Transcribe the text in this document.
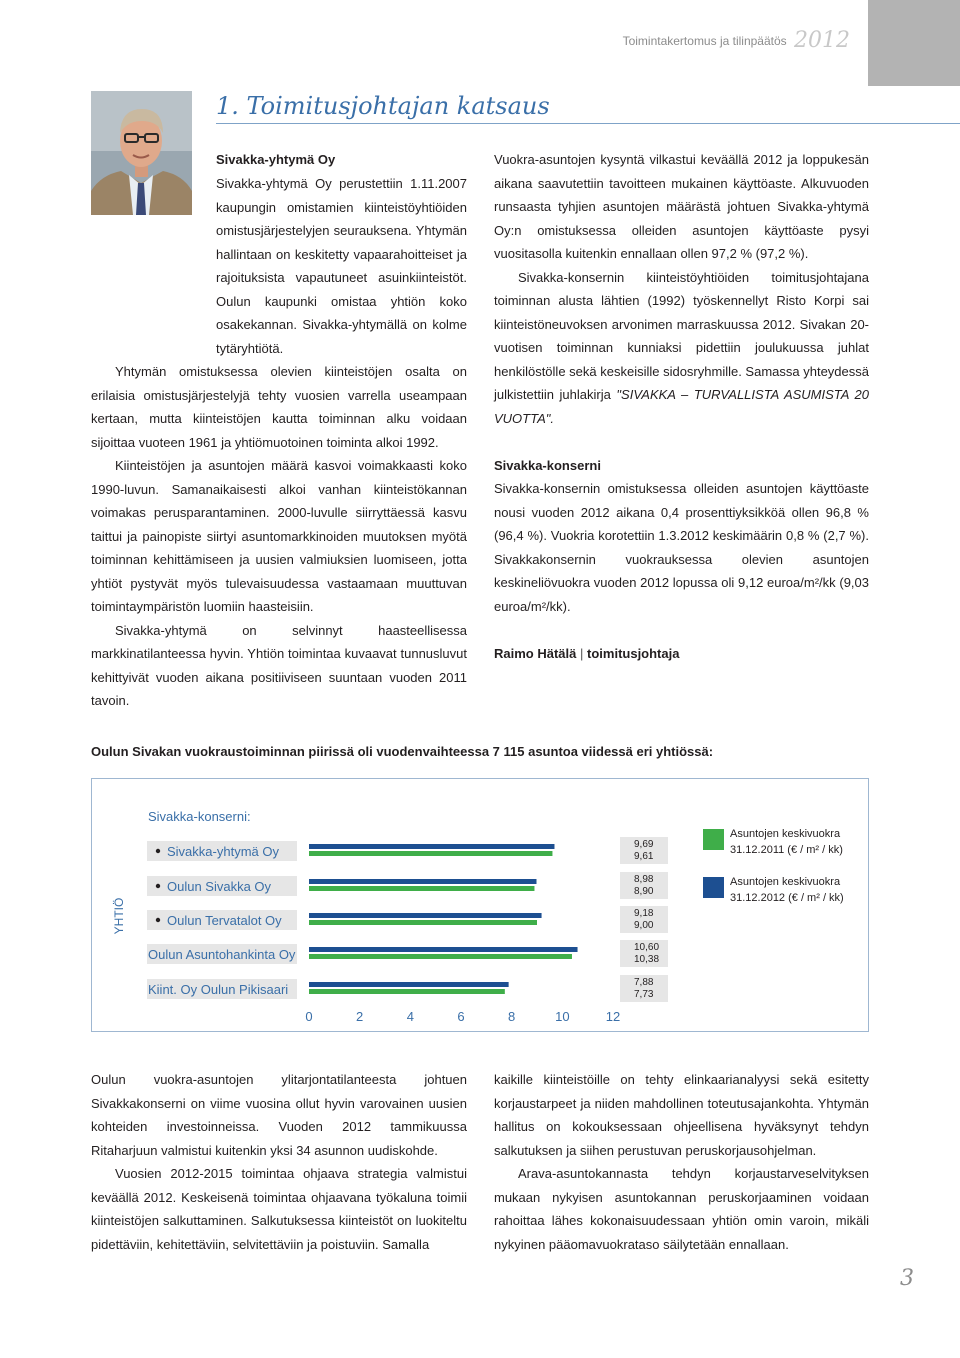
Toimintakertomus ja tilinpäätös 2012
1. Toimitusjohtajan katsaus

Sivakka-yhtymä Oy

Sivakka-yhtymä Oy perustettiin 1.11.2007 kaupungin omistamien kiinteistöyhtiöiden omistusjärjestelyjen seurauksena. Yhtymän hallintaan on keskitetty vapaarahoitteiset ja rajoituksista vapautuneet asuinkiinteistöt. Oulun kaupunki omistaa yhtiön koko osakekannan. Sivakka-yhtymällä on kolme tytäryhtiötä.

Yhtymän omistuksessa olevien kiinteistöjen osalta on erilaisia omistusjärjestelyjä tehty vuosien varrella useampaan kertaan, mutta kiinteistöjen kautta toiminnan alku voidaan sijoittaa vuoteen 1961 ja yhtiömuotoinen toiminta alkoi 1992.

Kiinteistöjen ja asuntojen määrä kasvoi voimakkaasti koko 1990-luvun. Samanaikaisesti alkoi vanhan kiinteistökannan voimakas perusparantaminen. 2000-luvulle siirryttäessä kasvu taittui ja painopiste siirtyi asuntomarkkinoiden muutoksen myötä toiminnan kehittämiseen ja uusien valmiuksien luomiseen, jotta yhtiöt pystyvät myös tulevaisuudessa vastaamaan muuttuvan toimintaympäristön luomiin haasteisiin.

Sivakka-yhtymä on selvinnyt haasteellisessa markkinatilanteessa hyvin. Yhtiön toimintaa kuvaavat tunnusluvut kehittyivät vuoden aikana positiiviseen suuntaan vuoden 2011 tavoin.

Vuokra-asuntojen kysyntä vilkastui keväällä 2012 ja loppukesän aikana saavutettiin tavoitteen mukainen käyttöaste. Alkuvuoden runsaasta tyhjien asuntojen määrästä johtuen Sivakka-yhtymä Oy:n omistuksessa olleiden asuntojen käyttöaste pysyi vuositasolla kuitenkin ennallaan ollen 97,2 % (97,2 %).

Sivakka-konsernin kiinteistöyhtiöiden toimitusjohtajana toiminnan alusta lähtien (1992) työskennellyt Risto Korpi sai kiinteistöneuvoksen arvonimen marraskuussa 2012. Sivakan 20-vuotisen toiminnan kunniaksi pidettiin joulukuussa juhlat henkilöstölle sekä keskeisille sidosryhmille. Samassa yhteydessä julkistettiin juhlakirja "SIVAKKA – TURVALLISTA ASUMISTA 20 VUOTTA".

Sivakka-konserni

Sivakka-konsernin omistuksessa olleiden asuntojen käyttöaste nousi vuoden 2012 aikana 0,4 prosenttiyksikköä ollen 96,8 % (96,4 %). Vuokria korotettiin 1.3.2012 keskimäärin 0,8 % (2,7 %). Sivakkakonsernin vuokrauksessa olevien asuntojen keskineliövuokra vuoden 2012 lopussa oli 9,12 euroa/m²/kk (9,03 euroa/m²/kk).

Raimo Hätälä | toimitusjohtaja

Oulun Sivakan vuokraustoiminnan piirissä oli vuodenvaihteessa 7 115 asuntoa viidessä eri yhtiössä:
Sivakka-konserni:
YHTIÖ
Sivakka-yhtymä Oy	9,69
9,61
Oulun Sivakka Oy	8,98
8,90
Oulun Tervatalot Oy	9,18
9,00
Oulun Asuntohankinta Oy	10,60
10,38
Kiint. Oy Oulun Pikisaari	7,88
7,73
0	2	4	6	8	10	12
Asuntojen keskivuokra
31.12.2011 (€ / m² / kk)
Asuntojen keskivuokra
31.12.2012 (€ / m² / kk)

Oulun vuokra-asuntojen ylitarjontatilanteesta johtuen Sivakkakonserni on viime vuosina ollut hyvin varovainen uusien kohteiden investoinneissa. Vuoden 2012 tammikuussa Ritaharjuun valmistui kuitenkin yksi 34 asunnon uudiskohde.

Vuosien 2012-2015 toimintaa ohjaava strategia valmistui keväällä 2012. Keskeisenä toimintaa ohjaavana työkaluna toimii kiinteistöjen salkuttaminen. Salkutuksessa kiinteistöt on luokiteltu pidettäviin, kehitettäviin, selvitettäviin ja poistuviin. Samalla

kaikille kiinteistöille on tehty elinkaarianalyysi sekä esitetty korjaustarpeet ja niiden mahdollinen toteutusajankohta. Yhtymän hallitus on kokouksessaan ohjeellisena hyväksynyt tehdyn salkutuksen ja siihen perustuvan peruskorjausohjelman.

Arava-asuntokannasta tehdyn korjaustarveselvityksen mukaan nykyisen asuntokannan peruskorjaaminen voidaan rahoittaa lähes kokonaisuudessaan yhtiön omin varoin, mikäli nykyinen pääomavuokrataso säilytetään ennallaan.

3
